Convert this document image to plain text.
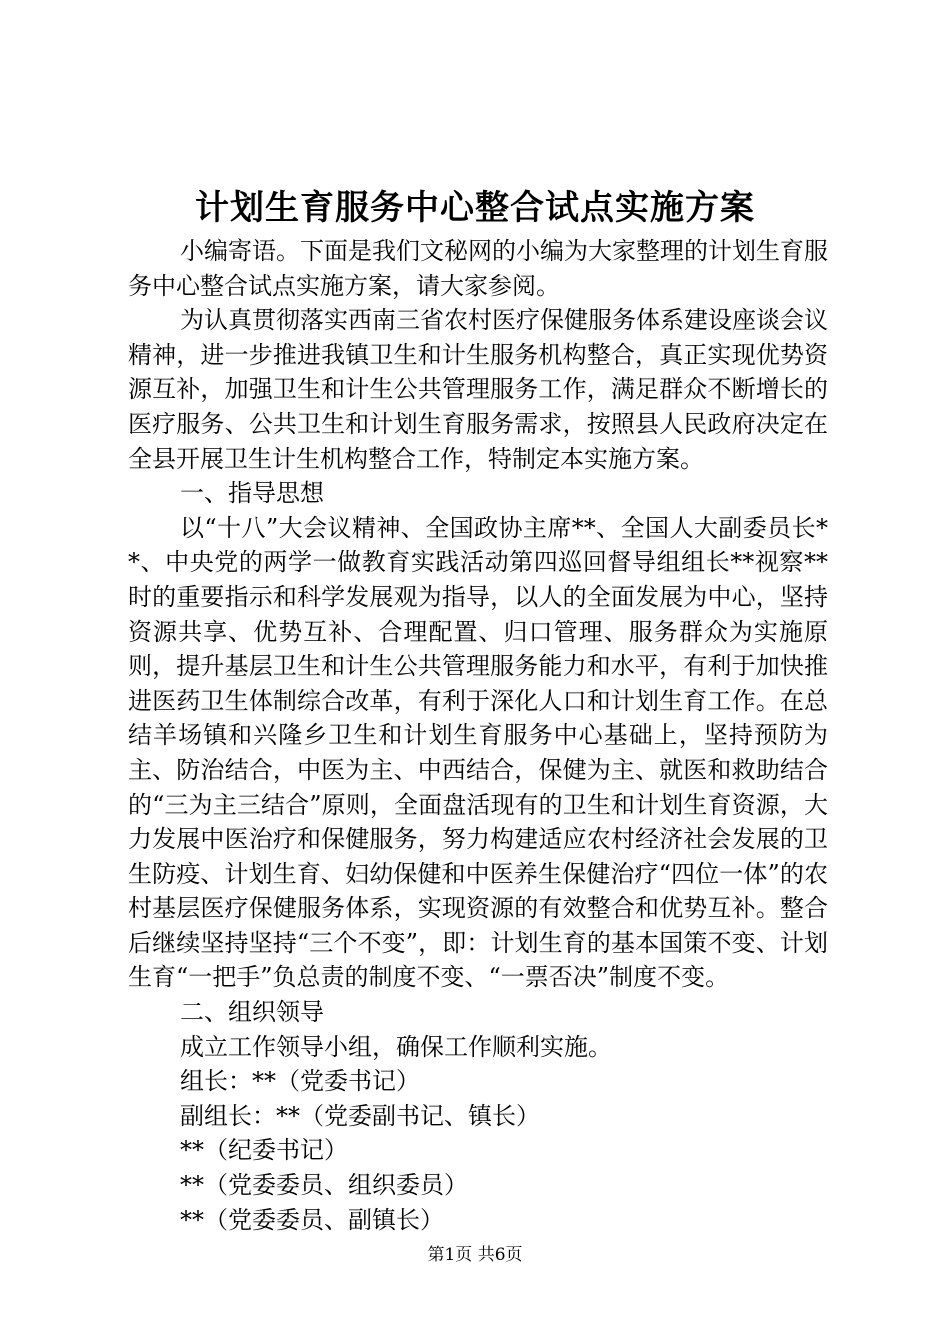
计划生育服务中心整合试点实施方案

小编寄语。下面是我们文秘网的小编为大家整理的计划生育服务中心整合试点实施方案，请大家参阅。

为认真贯彻落实西南三省农村医疗保健服务体系建设座谈会议精神，进一步推进我镇卫生和计生服务机构整合，真正实现优势资源互补，加强卫生和计生公共管理服务工作，满足群众不断增长的医疗服务、公共卫生和计划生育服务需求，按照县人民政府决定在全县开展卫生计生机构整合工作，特制定本实施方案。

一、指导思想

以“十八”大会议精神、全国政协主席**、全国人大副委员长**、中央党的两学一做教育实践活动第四巡回督导组组长**视察**时的重要指示和科学发展观为指导，以人的全面发展为中心，坚持资源共享、优势互补、合理配置、归口管理、服务群众为实施原则，提升基层卫生和计生公共管理服务能力和水平，有利于加快推进医药卫生体制综合改革，有利于深化人口和计划生育工作。在总结羊场镇和兴隆乡卫生和计划生育服务中心基础上，坚持预防为主、防治结合，中医为主、中西结合，保健为主、就医和救助结合的“三为主三结合”原则，全面盘活现有的卫生和计划生育资源，大力发展中医治疗和保健服务，努力构建适应农村经济社会发展的卫生防疫、计划生育、妇幼保健和中医养生保健治疗“四位一体”的农村基层医疗保健服务体系，实现资源的有效整合和优势互补。整合后继续坚持坚持“三个不变”，即：计划生育的基本国策不变、计划生育“一把手”负总责的制度不变、“一票否决”制度不变。

二、组织领导

成立工作领导小组，确保工作顺利实施。

组长：**（党委书记）

副组长：**（党委副书记、镇长）

**（纪委书记）

**（党委委员、组织委员）

**（党委委员、副镇长）

第1页 共6页
